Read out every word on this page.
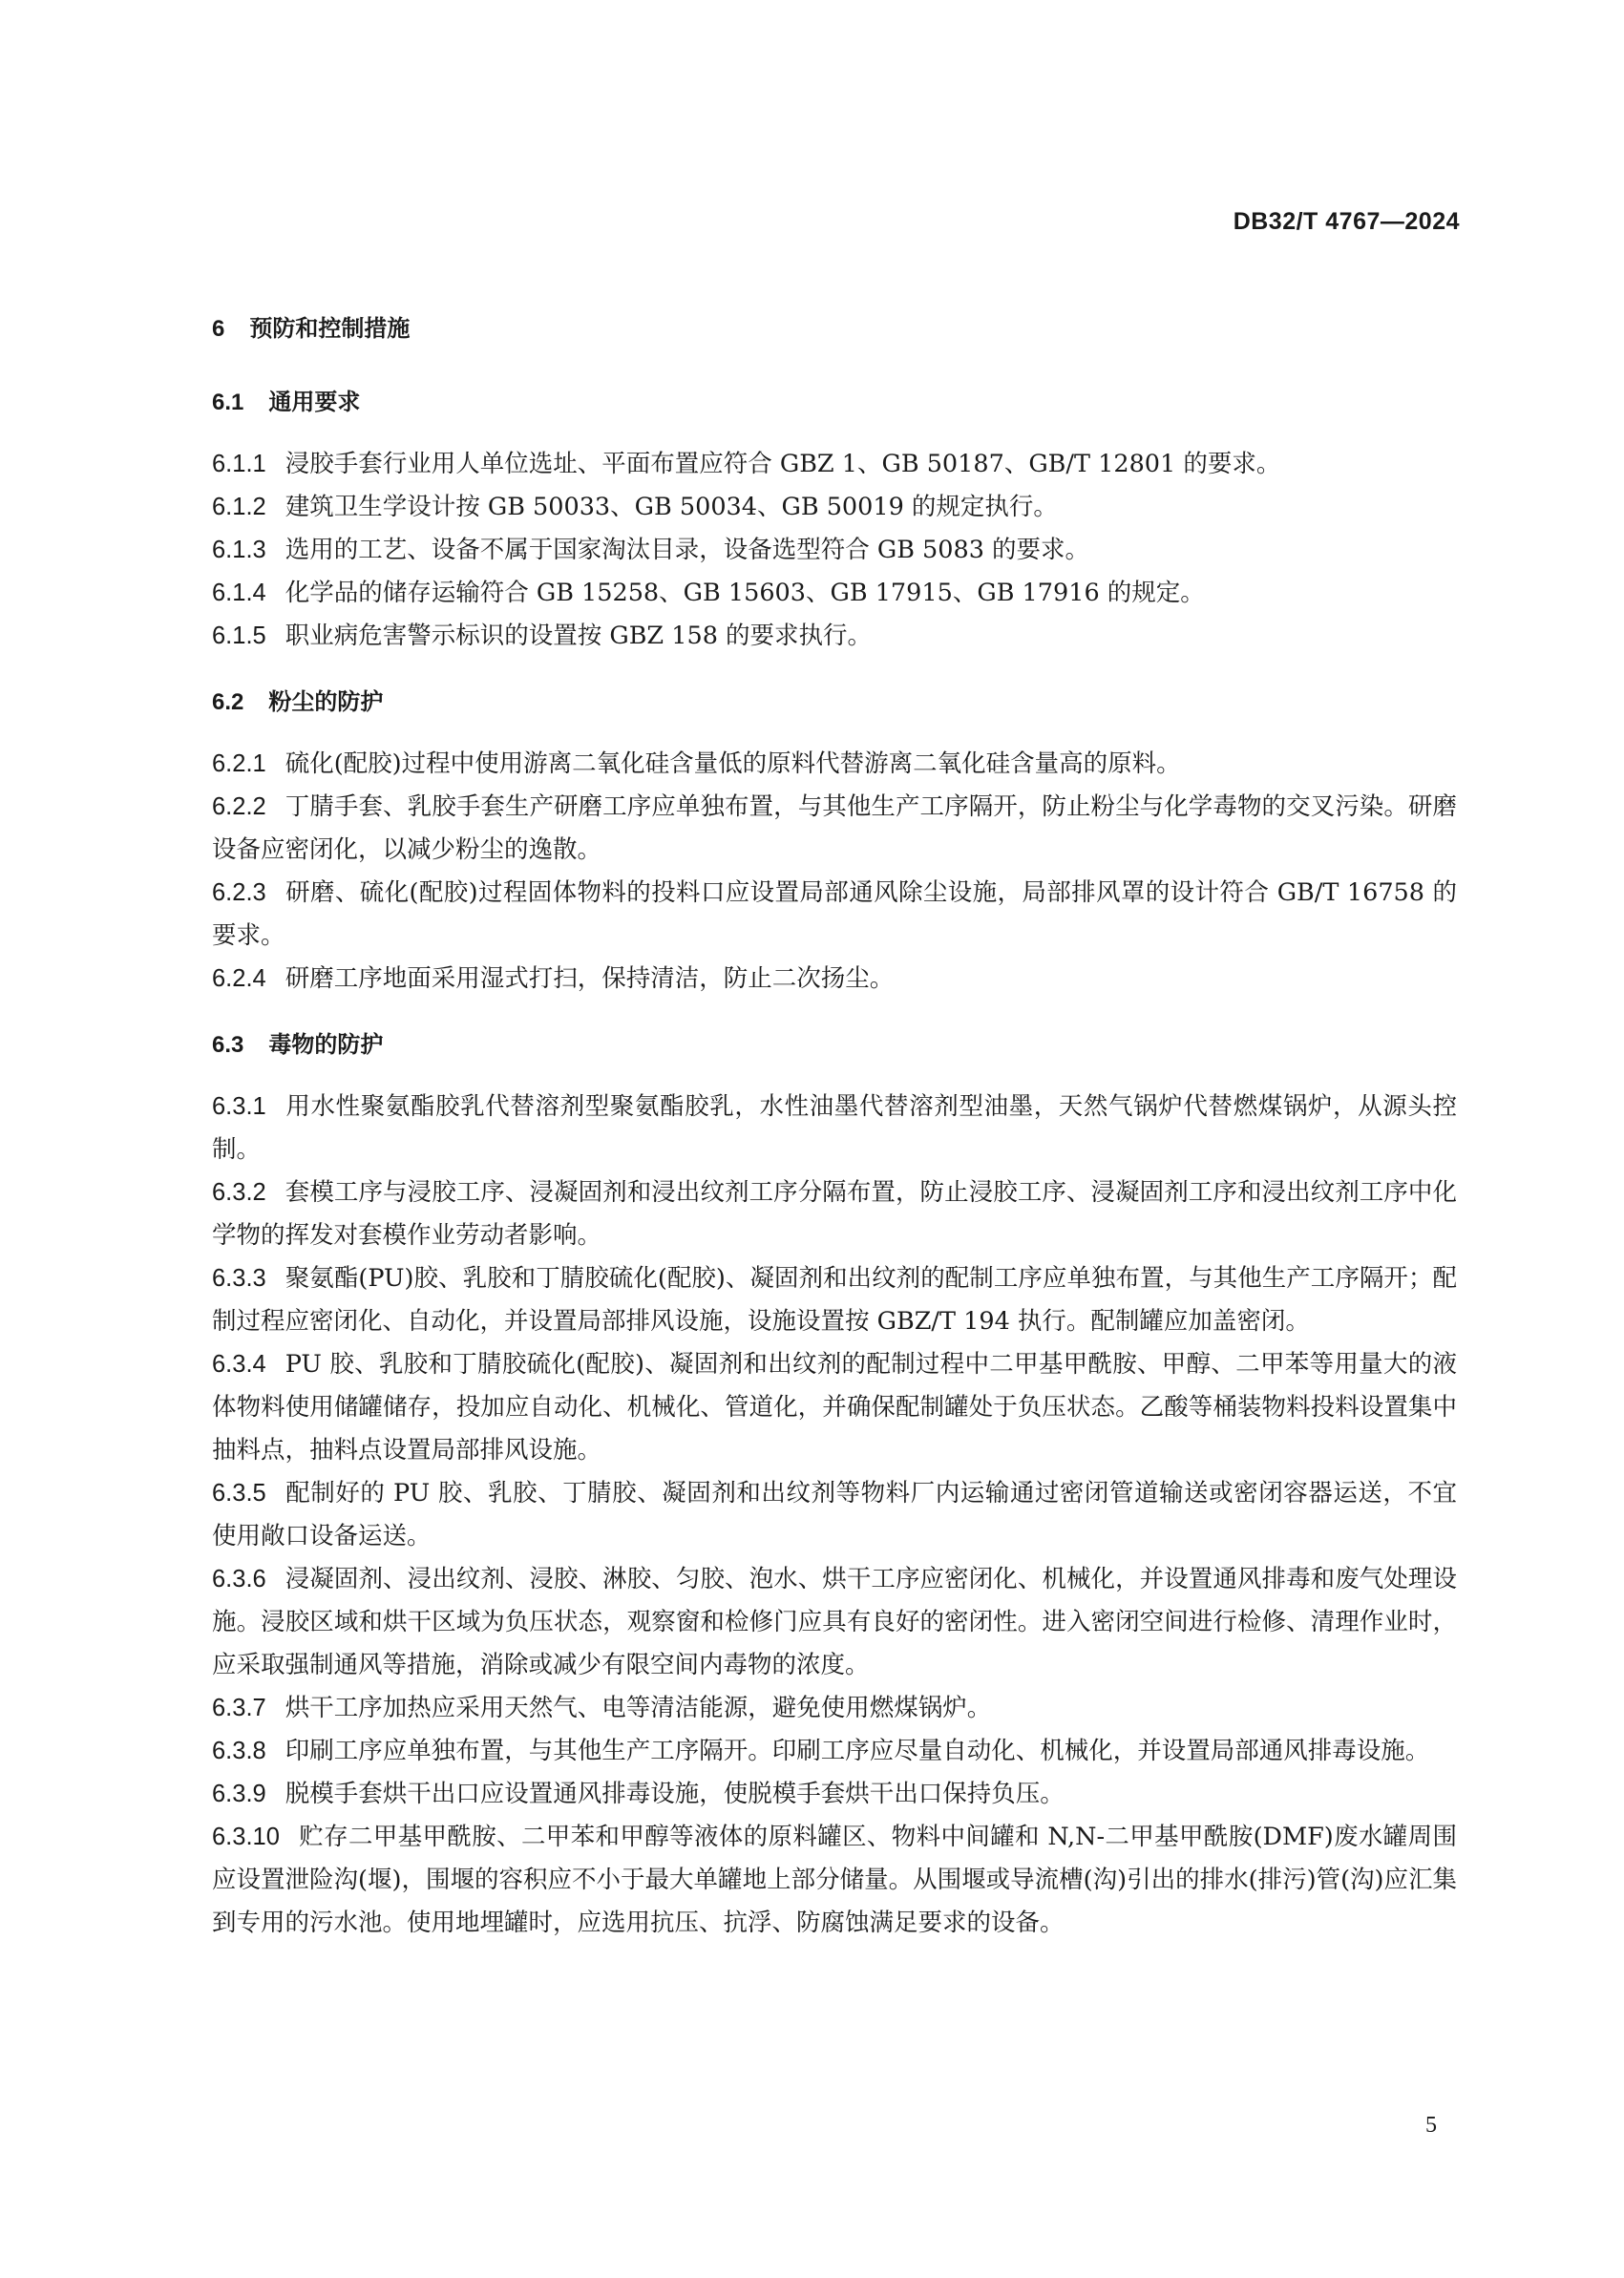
DB32/T 4767—2024
6 预防和控制措施
6.1 通用要求

6.1.1 浸胶手套行业用人单位选址、平面布置应符合 GBZ 1、GB 50187、GB/T 12801 的要求。

6.1.2 建筑卫生学设计按 GB 50033、GB 50034、GB 50019 的规定执行。

6.1.3 选用的工艺、设备不属于国家淘汰目录，设备选型符合 GB 5083 的要求。

6.1.4 化学品的储存运输符合 GB 15258、GB 15603、GB 17915、GB 17916 的规定。

6.1.5 职业病危害警示标识的设置按 GBZ 158 的要求执行。

6.2 粉尘的防护

6.2.1 硫化(配胶)过程中使用游离二氧化硅含量低的原料代替游离二氧化硅含量高的原料。

6.2.2 丁腈手套、乳胶手套生产研磨工序应单独布置，与其他生产工序隔开，防止粉尘与化学毒物的交叉污染。研磨设备应密闭化，以减少粉尘的逸散。

6.2.3 研磨、硫化(配胶)过程固体物料的投料口应设置局部通风除尘设施，局部排风罩的设计符合 GB/T 16758 的要求。

6.2.4 研磨工序地面采用湿式打扫，保持清洁，防止二次扬尘。

6.3 毒物的防护

6.3.1 用水性聚氨酯胶乳代替溶剂型聚氨酯胶乳，水性油墨代替溶剂型油墨，天然气锅炉代替燃煤锅炉，从源头控制。

6.3.2 套模工序与浸胶工序、浸凝固剂和浸出纹剂工序分隔布置，防止浸胶工序、浸凝固剂工序和浸出纹剂工序中化学物的挥发对套模作业劳动者影响。

6.3.3 聚氨酯(PU)胶、乳胶和丁腈胶硫化(配胶)、凝固剂和出纹剂的配制工序应单独布置，与其他生产工序隔开；配制过程应密闭化、自动化，并设置局部排风设施，设施设置按 GBZ/T 194 执行。配制罐应加盖密闭。

6.3.4 PU 胶、乳胶和丁腈胶硫化(配胶)、凝固剂和出纹剂的配制过程中二甲基甲酰胺、甲醇、二甲苯等用量大的液体物料使用储罐储存，投加应自动化、机械化、管道化，并确保配制罐处于负压状态。乙酸等桶装物料投料设置集中抽料点，抽料点设置局部排风设施。

6.3.5 配制好的 PU 胶、乳胶、丁腈胶、凝固剂和出纹剂等物料厂内运输通过密闭管道输送或密闭容器运送，不宜使用敞口设备运送。

6.3.6 浸凝固剂、浸出纹剂、浸胶、淋胶、匀胶、泡水、烘干工序应密闭化、机械化，并设置通风排毒和废气处理设施。浸胶区域和烘干区域为负压状态，观察窗和检修门应具有良好的密闭性。进入密闭空间进行检修、清理作业时，应采取强制通风等措施，消除或减少有限空间内毒物的浓度。

6.3.7 烘干工序加热应采用天然气、电等清洁能源，避免使用燃煤锅炉。

6.3.8 印刷工序应单独布置，与其他生产工序隔开。印刷工序应尽量自动化、机械化，并设置局部通风排毒设施。

6.3.9 脱模手套烘干出口应设置通风排毒设施，使脱模手套烘干出口保持负压。

6.3.10 贮存二甲基甲酰胺、二甲苯和甲醇等液体的原料罐区、物料中间罐和 N,N-二甲基甲酰胺(DMF)废水罐周围应设置泄险沟(堰)，围堰的容积应不小于最大单罐地上部分储量。从围堰或导流槽(沟)引出的排水(排污)管(沟)应汇集到专用的污水池。使用地埋罐时，应选用抗压、抗浮、防腐蚀满足要求的设备。

5
